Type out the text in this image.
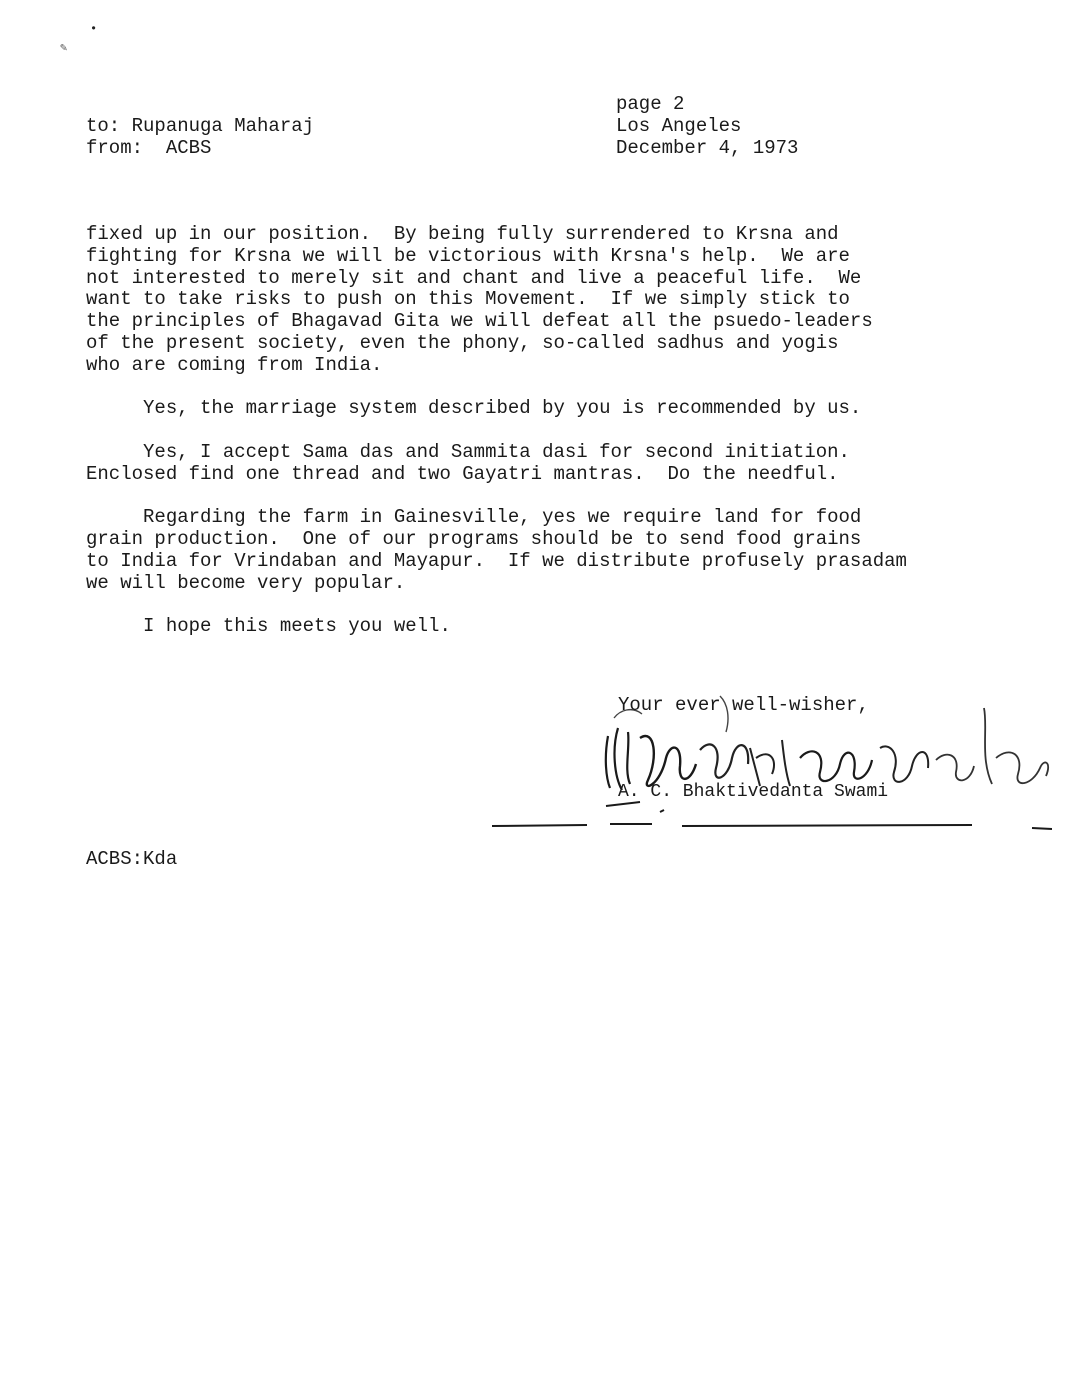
•
✎
to: Rupanuga Maharaj
from:  ACBS
page 2
Los Angeles
December 4, 1973
fixed up in our position.  By being fully surrendered to Krsna and
fighting for Krsna we will be victorious with Krsna's help.  We are
not interested to merely sit and chant and live a peaceful life.  We
want to take risks to push on this Movement.  If we simply stick to
the principles of Bhagavad Gita we will defeat all the psuedo-leaders
of the present society, even the phony, so-called sadhus and yogis
who are coming from India.
Yes, the marriage system described by you is recommended by us.
Yes, I accept Sama das and Sammita dasi for second initiation.
Enclosed find one thread and two Gayatri mantras.  Do the needful.
Regarding the farm in Gainesville, yes we require land for food
grain production.  One of our programs should be to send food grains
to India for Vrindaban and Mayapur.  If we distribute profusely prasadam
we will become very popular.
I hope this meets you well.
Your ever well-wisher,
A. C. Bhaktivedanta Swami
ACBS:Kda
